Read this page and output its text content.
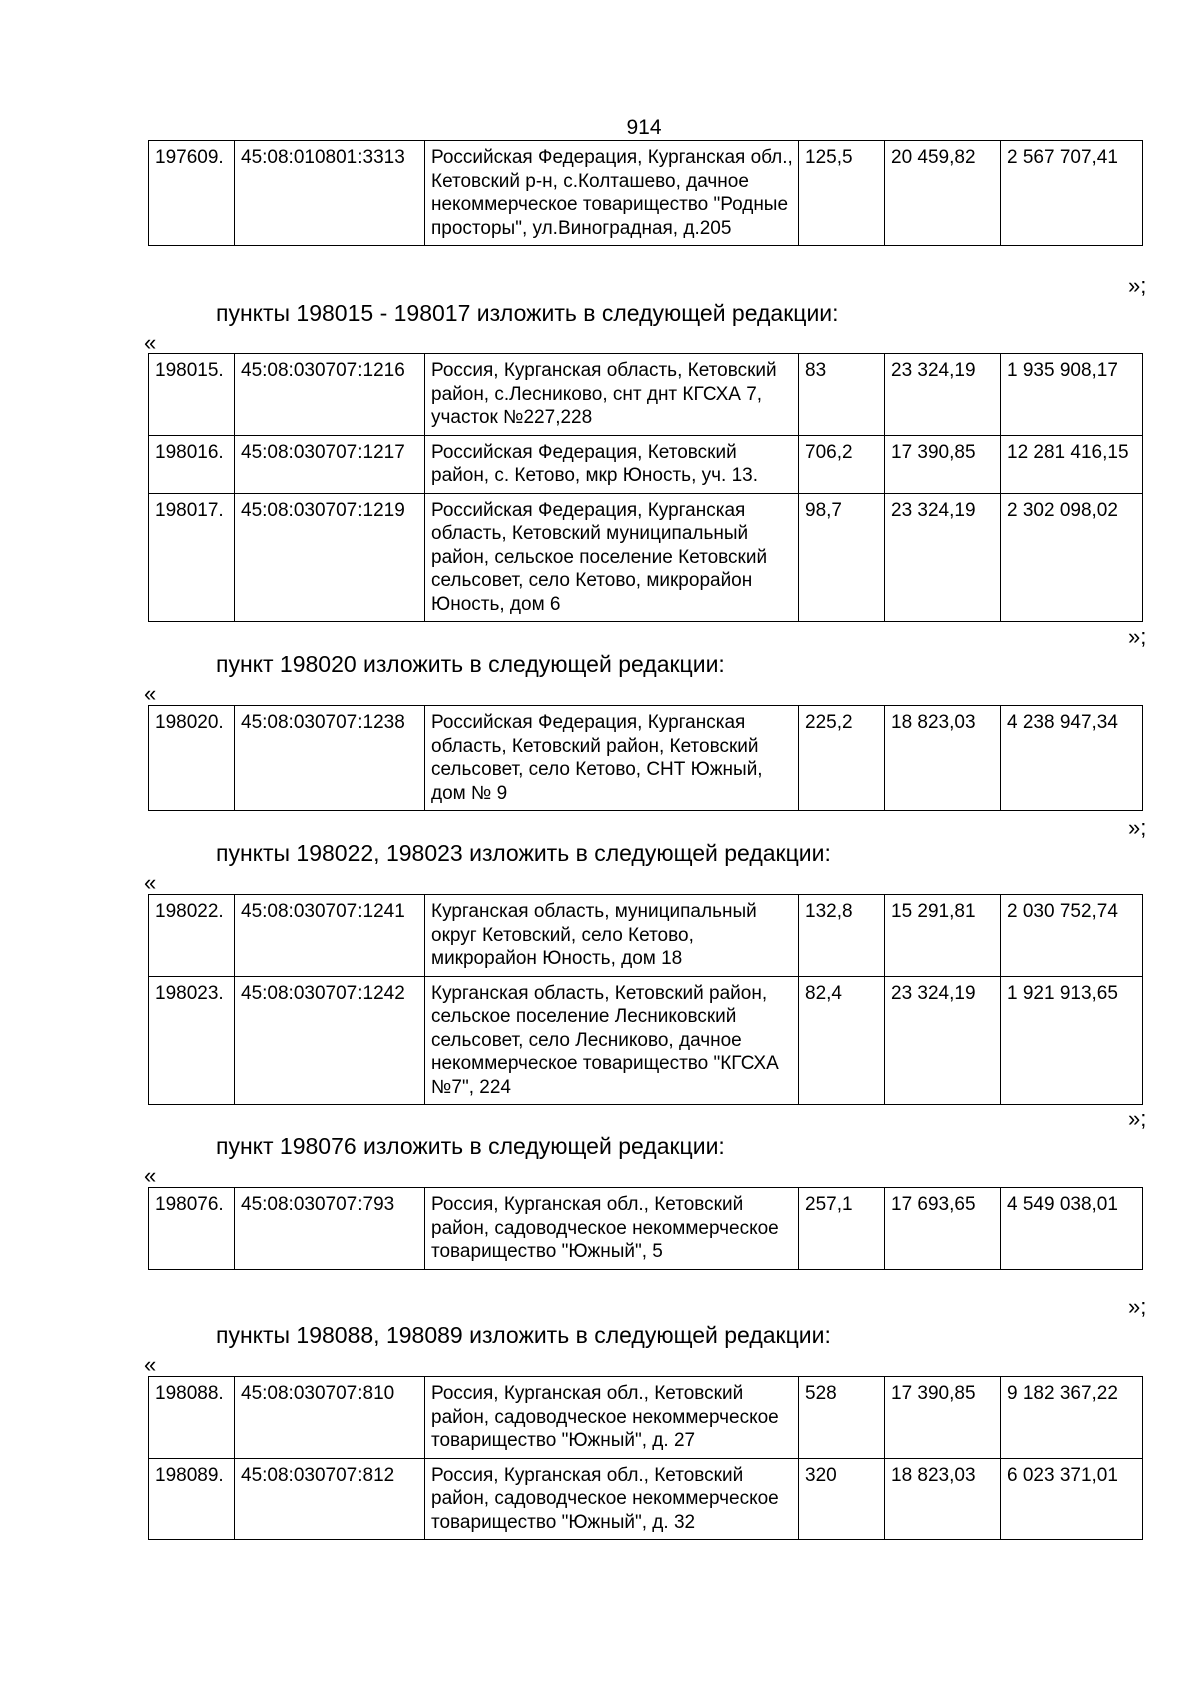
914
197609.	45:08:010801:3313	Российская Федерация, Курганская обл., Кетовский р-н, с.Колташево, дачное некоммерческое товарищество "Родные просторы", ул.Виноградная, д.205	125,5	20 459,82	2 567 707,41
»;
пункты 198015 - 198017 изложить в следующей редакции:
«
198015.	45:08:030707:1216	Россия, Курганская область, Кетовский район, с.Лесниково, снт днт КГСХА 7, участок №227,228	83	23 324,19	1 935 908,17
198016.	45:08:030707:1217	Российская Федерация, Кетовский район, с. Кетово, мкр Юность, уч. 13.	706,2	17 390,85	12 281 416,15
198017.	45:08:030707:1219	Российская Федерация, Курганская область, Кетовский муниципальный район, сельское поселение Кетовский сельсовет, село Кетово, микрорайон Юность, дом 6	98,7	23 324,19	2 302 098,02
»;
пункт 198020 изложить в следующей редакции:
«
198020.	45:08:030707:1238	Российская Федерация, Курганская область, Кетовский район, Кетовский сельсовет, село Кетово, СНТ Южный, дом № 9	225,2	18 823,03	4 238 947,34
»;
пункты 198022, 198023 изложить в следующей редакции:
«
198022.	45:08:030707:1241	Курганская область, муниципальный округ Кетовский, село Кетово, микрорайон Юность, дом 18	132,8	15 291,81	2 030 752,74
198023.	45:08:030707:1242	Курганская область, Кетовский район, сельское поселение Лесниковский сельсовет, село Лесниково, дачное некоммерческое товарищество "КГСХА №7", 224	82,4	23 324,19	1 921 913,65
»;
пункт 198076 изложить в следующей редакции:
«
198076.	45:08:030707:793	Россия, Курганская обл., Кетовский район, садоводческое некоммерческое товарищество "Южный", 5	257,1	17 693,65	4 549 038,01
»;
пункты 198088, 198089 изложить в следующей редакции:
«
198088.	45:08:030707:810	Россия, Курганская обл., Кетовский район, садоводческое некоммерческое товарищество "Южный", д. 27	528	17 390,85	9 182 367,22
198089.	45:08:030707:812	Россия, Курганская обл., Кетовский район, садоводческое некоммерческое товарищество "Южный", д. 32	320	18 823,03	6 023 371,01
